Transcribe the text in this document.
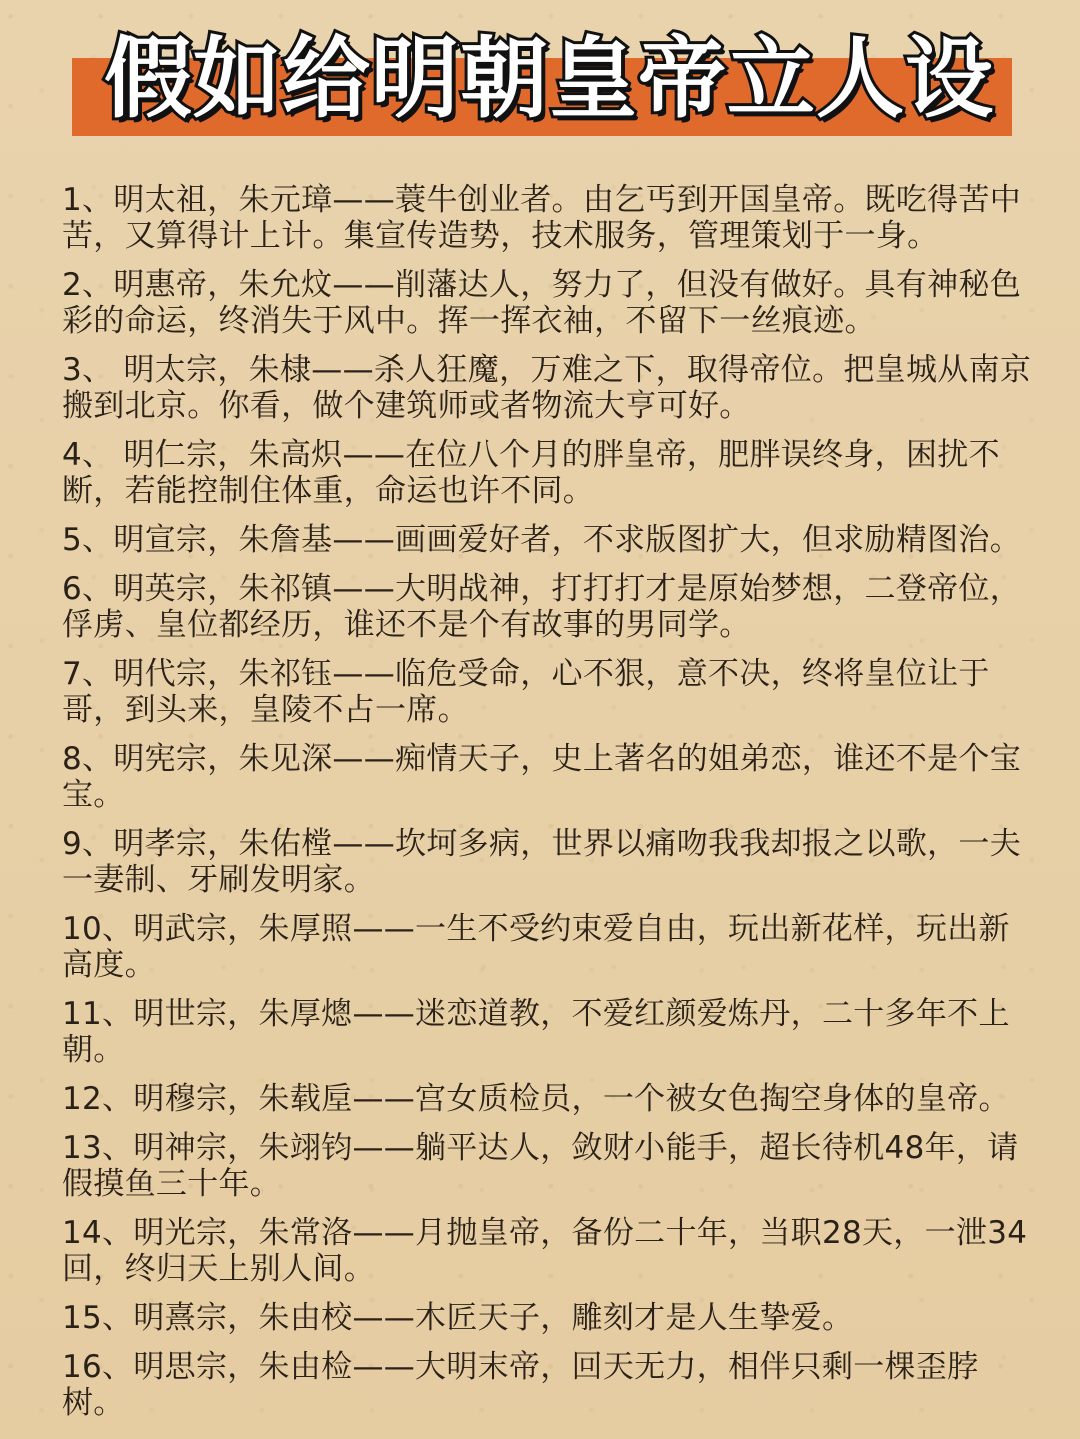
假如给明朝皇帝立人设
1、明太祖，朱元璋——蓑牛创业者。由乞丐到开国皇帝。既吃得苦中苦，又算得计上计。集宣传造势，技术服务，管理策划于一身。
2、明惠帝，朱允炆——削藩达人，努力了，但没有做好。具有神秘色彩的命运，终消失于风中。挥一挥衣袖，不留下一丝痕迹。
3、 明太宗，朱棣——杀人狂魔，万难之下，取得帝位。把皇城从南京搬到北京。你看，做个建筑师或者物流大亨可好。
4、 明仁宗，朱高炽——在位八个月的胖皇帝，肥胖误终身，困扰不断，若能控制住体重，命运也许不同。
5、明宣宗，朱詹基——画画爱好者，不求版图扩大，但求励精图治。
6、明英宗，朱祁镇——大明战神，打打打才是原始梦想，二登帝位，俘虏、皇位都经历，谁还不是个有故事的男同学。
7、明代宗，朱祁钰——临危受命，心不狠，意不决，终将皇位让于哥，到头来，皇陵不占一席。
8、明宪宗，朱见深——痴情天子，史上著名的姐弟恋，谁还不是个宝宝。
9、明孝宗，朱佑樘——坎坷多病，世界以痛吻我我却报之以歌，一夫一妻制、牙刷发明家。
10、明武宗，朱厚照——一生不受约束爱自由，玩出新花样，玩出新高度。
11、明世宗，朱厚熜——迷恋道教，不爱红颜爱炼丹，二十多年不上朝。
12、明穆宗，朱载垕——宫女质检员，一个被女色掏空身体的皇帝。
13、明神宗，朱翊钧——躺平达人，敛财小能手，超长待机48年，请假摸鱼三十年。
14、明光宗，朱常洛——月抛皇帝，备份二十年，当职28天，一泄34回，终归天上别人间。
15、明熹宗，朱由校——木匠天子，雕刻才是人生挚爱。
16、明思宗，朱由检——大明末帝，回天无力，相伴只剩一棵歪脖树。
